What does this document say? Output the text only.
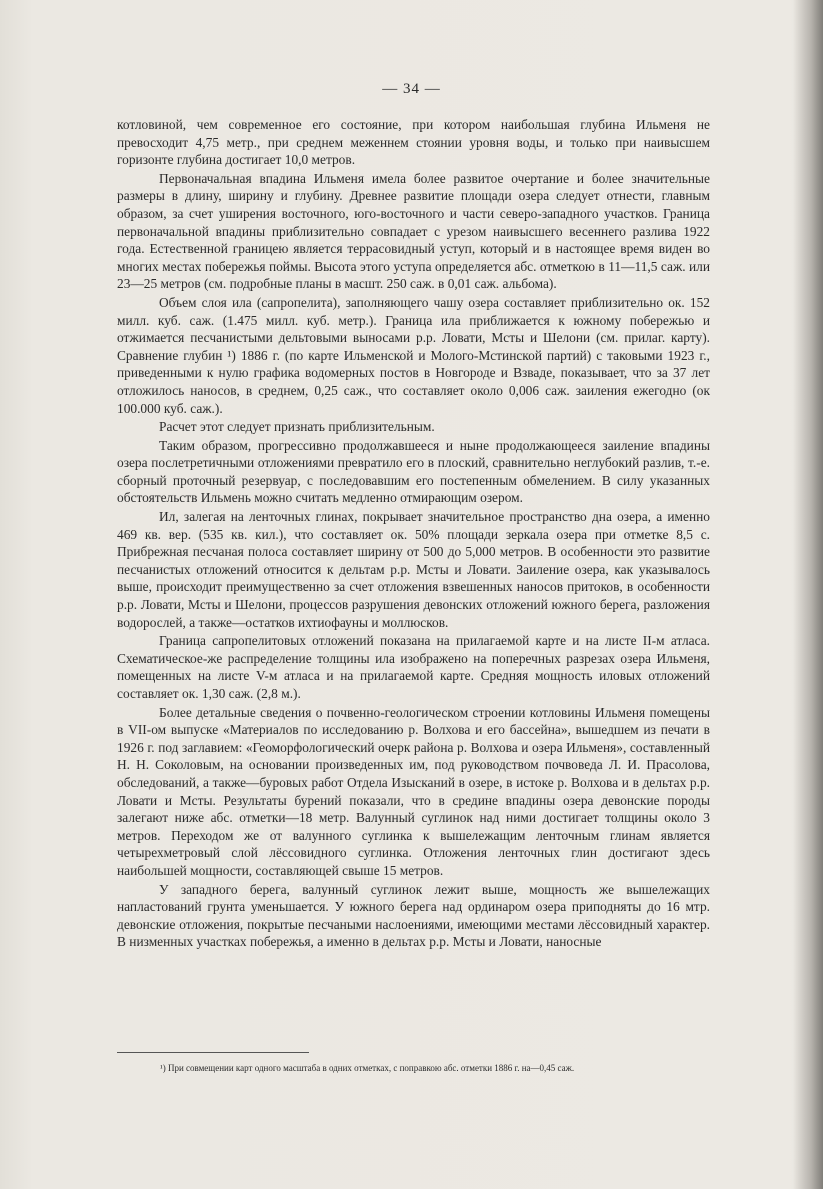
— 34 —

котловиной, чем современное его состояние, при котором наибольшая глубина Ильменя не превосходит 4,75 метр., при среднем меженнем стоянии уровня воды, и только при наивысшем горизонте глубина достигает 10,0 метров.

Первоначальная впадина Ильменя имела более развитое очертание и более значительные размеры в длину, ширину и глубину. Древнее развитие площади озера следует отнести, главным образом, за счет уширения восточного, юго-восточного и части северо-западного участков. Граница первоначальной впадины приблизительно совпадает с урезом наивысшего весеннего разлива 1922 года. Естественной границею является террасовидный уступ, который и в настоящее время виден во многих местах побережья поймы. Высота этого уступа определяется абс. отметкою в 11—11,5 саж. или 23—25 метров (см. подробные планы в масшт. 250 саж. в 0,01 саж. альбома).

Объем слоя ила (сапропелита), заполняющего чашу озера составляет приблизительно ок. 152 милл. куб. саж. (1.475 милл. куб. метр.). Граница ила приближается к южному побережью и отжимается песчанистыми дельтовыми выносами р.р. Ловати, Мсты и Шелони (см. прилаг. карту). Сравнение глубин ¹) 1886 г. (по карте Ильменской и Молого-Мстинской партий) с таковыми 1923 г., приведенными к нулю графика водомерных постов в Новгороде и Взваде, показывает, что за 37 лет отложилось наносов, в среднем, 0,25 саж., что составляет около 0,006 саж. заиления ежегодно (ок 100.000 куб. саж.).

Расчет этот следует признать приблизительным.

Таким образом, прогрессивно продолжавшееся и ныне продолжающееся заиление впадины озера послетретичными отложениями превратило его в плоский, сравнительно неглубокий разлив, т.-е. сборный проточный резервуар, с последовавшим его постепенным обмелением. В силу указанных обстоятельств Ильмень можно считать медленно отмирающим озером.

Ил, залегая на ленточных глинах, покрывает значительное пространство дна озера, а именно 469 кв. вер. (535 кв. кил.), что составляет ок. 50% площади зеркала озера при отметке 8,5 с. Прибрежная песчаная полоса составляет ширину от 500 до 5,000 метров. В особенности это развитие песчанистых отложений относится к дельтам р.р. Мсты и Ловати. Заиление озера, как указывалось выше, происходит преимущественно за счет отложения взвешенных наносов притоков, в особенности р.р. Ловати, Мсты и Шелони, процессов разрушения девонских отложений южного берега, разложения водорослей, а также—остатков ихтиофауны и моллюсков.

Граница сапропелитовых отложений показана на прилагаемой карте и на листе II-м атласа. Схематическое-же распределение толщины ила изображено на поперечных разрезах озера Ильменя, помещенных на листе V-м атласа и на прилагаемой карте. Средняя мощность иловых отложений составляет ок. 1,30 саж. (2,8 м.).

Более детальные сведения о почвенно-геологическом строении котловины Ильменя помещены в VII-ом выпуске «Материалов по исследованию р. Волхова и его бассейна», вышедшем из печати в 1926 г. под заглавием: «Геоморфологический очерк района р. Волхова и озера Ильменя», составленный Н. Н. Соколовым, на основании произведенных им, под руководством почвоведа Л. И. Прасолова, обследований, а также—буровых работ Отдела Изысканий в озере, в истоке р. Волхова и в дельтах р.р. Ловати и Мсты. Результаты бурений показали, что в средине впадины озера девонские породы залегают ниже абс. отметки—18 метр. Валунный суглинок над ними достигает толщины около 3 метров. Переходом же от валунного суглинка к вышележащим ленточным глинам является четырехметровый слой лёссовидного суглинка. Отложения ленточных глин достигают здесь наибольшей мощности, составляющей свыше 15 метров.

У западного берега, валунный суглинок лежит выше, мощность же вышележащих напластований грунта уменьшается. У южного берега над ординаром озера приподняты до 16 мтр. девонские отложения, покрытые песчаными наслоениями, имеющими местами лёссовидный характер. В низменных участках побережья, а именно в дельтах р.р. Мсты и Ловати, наносные

¹) При совмещении карт одного масштаба в одних отметках, с поправкою абс. отметки 1886 г. на—0,45 саж.
